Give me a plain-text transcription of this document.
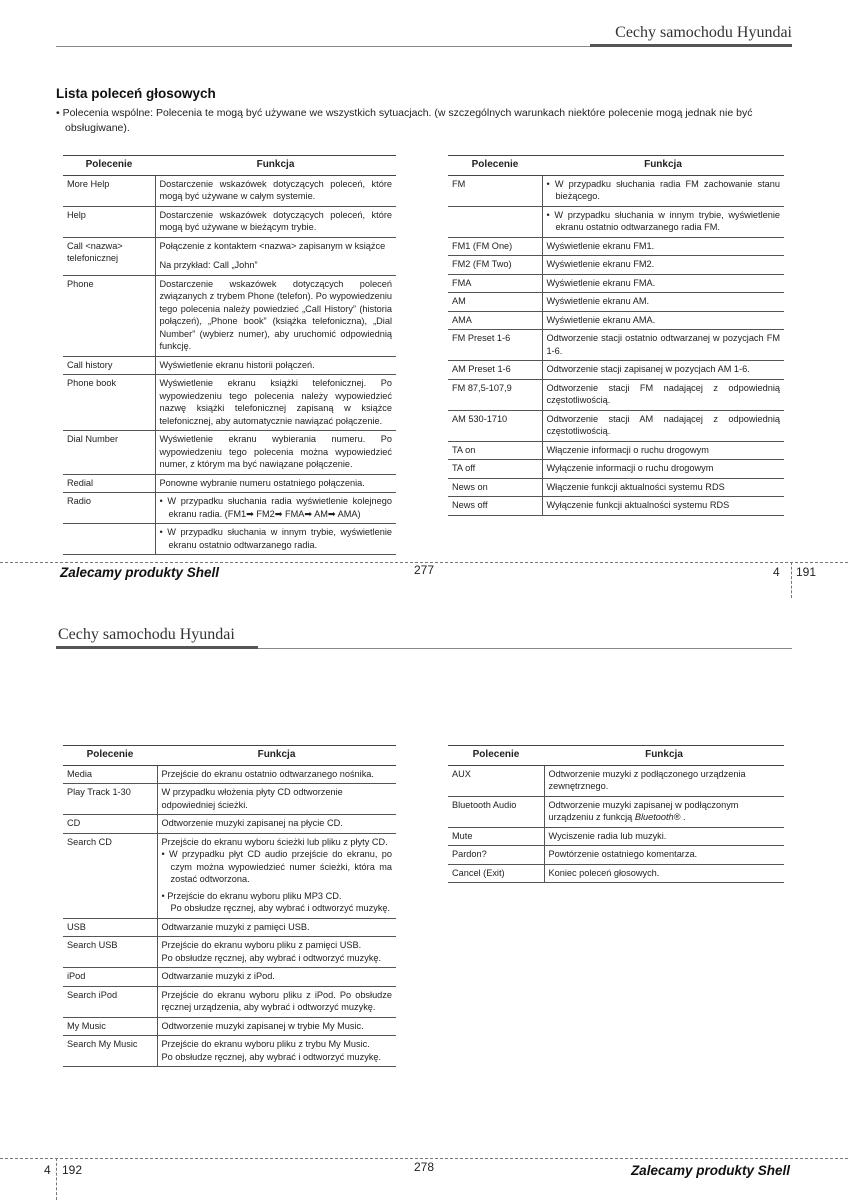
Cechy samochodu Hyundai
Lista poleceń głosowych
• Polecenia wspólne: Polecenia te mogą być używane we wszystkich sytuacjach. (w szczególnych warunkach niektóre polecenie mogą jednak nie być obsługiwane).
Polecenie	Funkcja
More Help	Dostarczenie wskazówek dotyczących poleceń, które mogą być używane w całym systemie.
Help	Dostarczenie wskazówek dotyczących poleceń, które mogą być używane w bieżącym trybie.
Call <nazwa> telefonicznej	Połączenie z kontaktem <nazwa> zapisanym w książce
Na przykład: Call „John”

Phone	Dostarczenie wskazówek dotyczących poleceń związanych z trybem Phone (telefon). Po wypowiedzeniu tego polecenia należy powiedzieć „Call History” (historia połączeń), „Phone book” (książka telefoniczna), „Dial Number” (wybierz numer), aby uruchomić odpowiednią funkcję.
Call history	Wyświetlenie ekranu historii połączeń.
Phone book	Wyświetlenie ekranu książki telefonicznej. Po wypowiedzeniu tego polecenia należy wypowiedzieć nazwę książki telefonicznej zapisaną w książce telefonicznej, aby automatycznie nawiązać połączenie.
Dial Number	Wyświetlenie ekranu wybierania numeru. Po wypowiedzeniu tego polecenia można wypowiedzieć numer, z którym ma być nawiązane połączenie.
Redial	Ponowne wybranie numeru ostatniego połączenia.
Radio	• W przypadku słuchania radia wyświetlenie kolejnego ekranu radia. (FM1➡ FM2➡ FMA➡ AM➡ AMA)

	• W przypadku słuchania w innym trybie, wyświetlenie ekranu ostatnio odtwarzanego radia.
Polecenie	Funkcja
FM	• W przypadku słuchania radia FM zachowanie stanu bieżącego.

	• W przypadku słuchania w innym trybie, wyświetlenie ekranu ostatnio odtwarzanego radia FM.

FM1 (FM One)	Wyświetlenie ekranu FM1.
FM2 (FM Two)	Wyświetlenie ekranu FM2.
FMA	Wyświetlenie ekranu FMA.
AM	Wyświetlenie ekranu AM.
AMA	Wyświetlenie ekranu AMA.
FM Preset 1-6	Odtworzenie stacji ostatnio odtwarzanej w pozycjach FM 1-6.
AM Preset 1-6	Odtworzenie stacji zapisanej w pozycjach AM 1-6.
FM 87,5-107,9	Odtworzenie stacji FM nadającej z odpowiednią częstotliwością.
AM 530-1710	Odtworzenie stacji AM nadającej z odpowiednią częstotliwością.
TA on	Włączenie informacji o ruchu drogowym
TA off	Wyłączenie informacji o ruchu drogowym
News on	Włączenie funkcji aktualności systemu RDS
News off	Wyłączenie funkcji aktualności systemu RDS
Zalecamy produkty Shell	277	4 191
Cechy samochodu Hyundai
Polecenie	Funkcja
Media	Przejście do ekranu ostatnio odtwarzanego nośnika.
Play Track 1-30	W przypadku włożenia płyty CD odtworzenie odpowiedniej ścieżki.
CD	Odtworzenie muzyki zapisanej na płycie CD.
Search CD	Przejście do ekranu wyboru ścieżki lub pliku z płyty CD.
• W przypadku płyt CD audio przejście do ekranu, po czym można wypowiedzieć numer ścieżki, która ma zostać odtworzona.
• Przejście do ekranu wyboru pliku MP3 CD.
Po obsłudze ręcznej, aby wybrać i odtworzyć muzykę.

USB	Odtwarzanie muzyki z pamięci USB.
Search USB	Przejście do ekranu wyboru pliku z pamięci USB.
Po obsłudze ręcznej, aby wybrać i odtworzyć muzykę.

iPod	Odtwarzanie muzyki z iPod.
Search iPod	Przejście do ekranu wyboru pliku z iPod. Po obsłudze ręcznej urządzenia, aby wybrać i odtworzyć muzykę.
My Music	Odtworzenie muzyki zapisanej w trybie My Music.
Search My Music	Przejście do ekranu wyboru pliku z trybu My Music.
Po obsłudze ręcznej, aby wybrać i odtworzyć muzykę.
Polecenie	Funkcja
AUX	Odtworzenie muzyki z podłączonego urządzenia zewnętrznego.
Bluetooth Audio	Odtworzenie muzyki zapisanej w podłączonym urządzeniu z funkcją Bluetooth® .
Mute	Wyciszenie radia lub muzyki.
Pardon?	Powtórzenie ostatniego komentarza.
Cancel (Exit)	Koniec poleceń głosowych.
4 192	278	Zalecamy produkty Shell
